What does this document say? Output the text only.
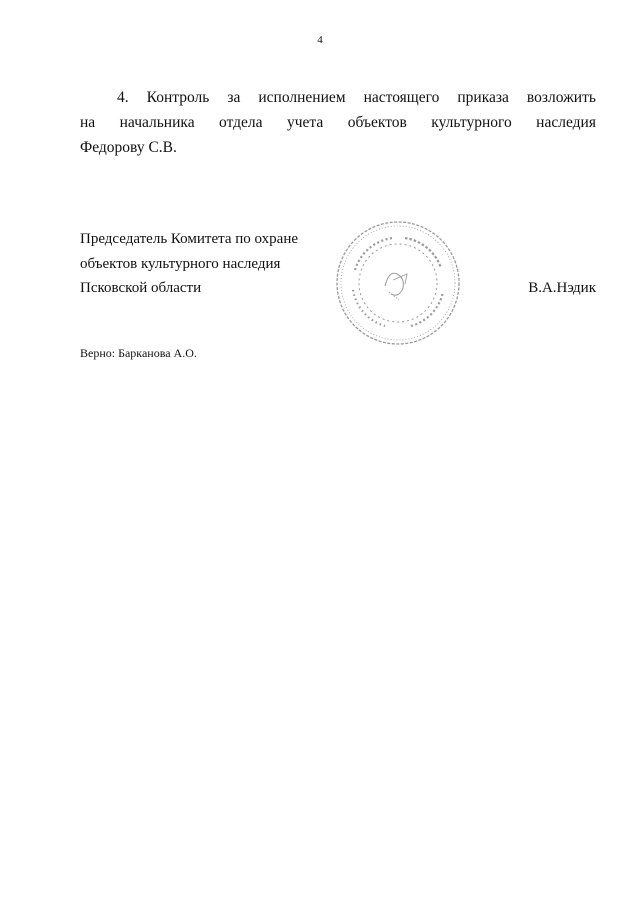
4
4. Контроль за исполнением настоящего приказа возложить
на начальника отдела учета объектов культурного наследия
Федорову С.В.
Председатель Комитета по охране
объектов культурного наследия
Псковской области	В.А.Нэдик
Верно: Барканова А.О.
